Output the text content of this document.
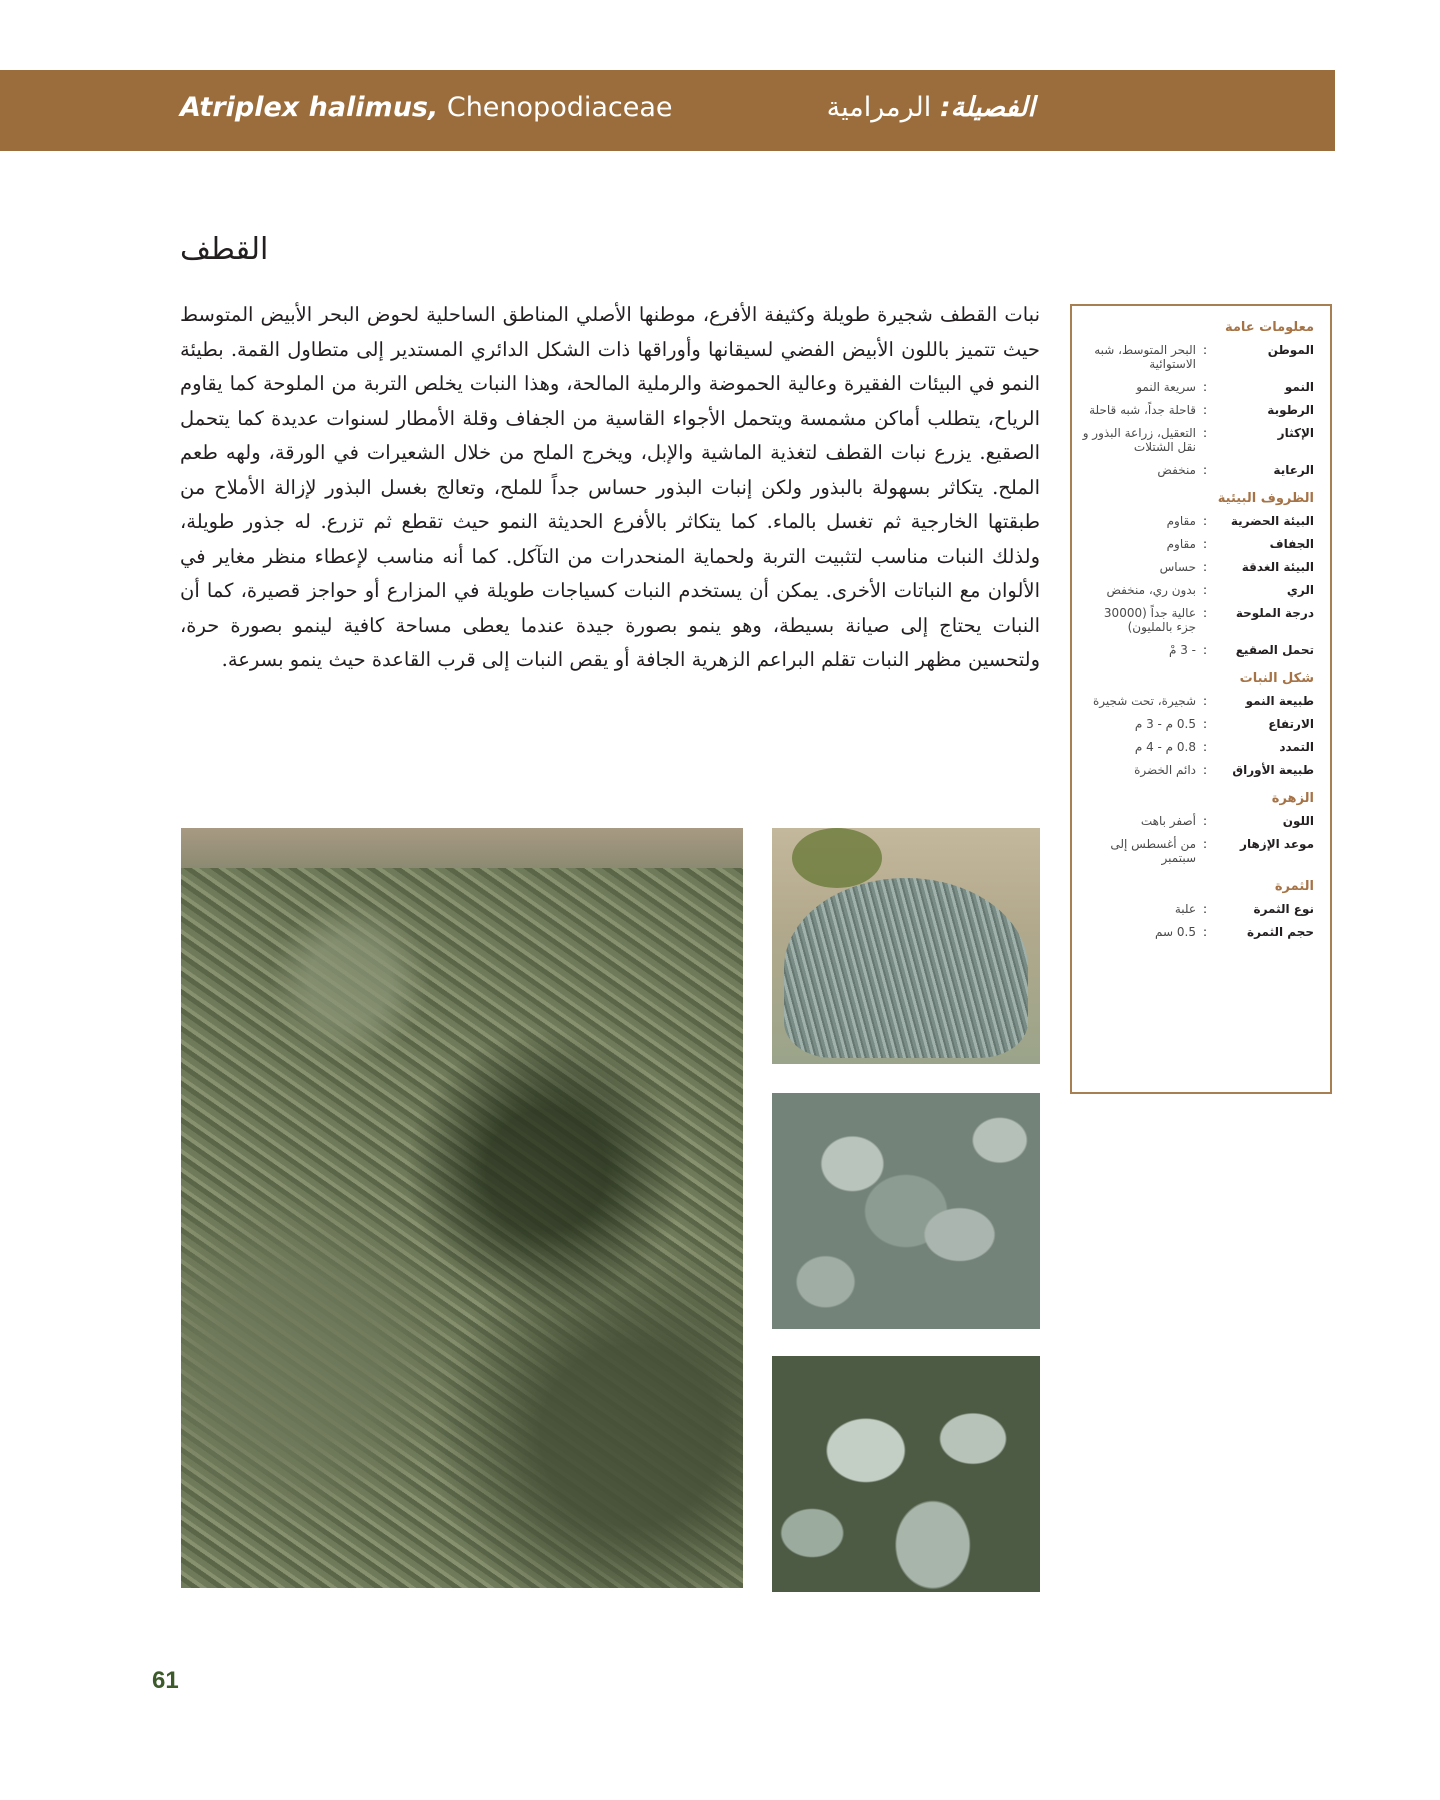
Atriplex halimus, Chenopodiaceae	الفصيلة: الرمرامية
القطف
نبات القطف شجيرة طويلة وكثيفة الأفرع، موطنها الأصلي المناطق الساحلية لحوض البحر الأبيض المتوسط حيث تتميز باللون الأبيض الفضي لسيقانها وأوراقها ذات الشكل الدائري المستدير إلى متطاول القمة. بطيئة النمو في البيئات الفقيرة وعالية الحموضة والرملية المالحة، وهذا النبات يخلص التربة من الملوحة كما يقاوم الرياح، يتطلب أماكن مشمسة ويتحمل الأجواء القاسية من الجفاف وقلة الأمطار لسنوات عديدة كما يتحمل الصقيع. يزرع نبات القطف لتغذية الماشية والإبل، ويخرج الملح من خلال الشعيرات في الورقة، ولهه طعم الملح. يتكاثر بسهولة بالبذور ولكن إنبات البذور حساس جداً للملح، وتعالج بغسل البذور لإزالة الأملاح من طبقتها الخارجية ثم تغسل بالماء. كما يتكاثر بالأفرع الحديثة النمو حيث تقطع ثم تزرع. له جذور طويلة، ولذلك النبات مناسب لتثبيت التربة ولحماية المنحدرات من التآكل. كما أنه مناسب لإعطاء منظر مغاير في الألوان مع النباتات الأخرى. يمكن أن يستخدم النبات كسياجات طويلة في المزارع أو حواجز قصيرة، كما أن النبات يحتاج إلى صيانة بسيطة، وهو ينمو بصورة جيدة عندما يعطى مساحة كافية لينمو بصورة حرة، ولتحسين مظهر النبات تقلم البراعم الزهرية الجافة أو يقص النبات إلى قرب القاعدة حيث ينمو بسرعة.
معلومات عامة
الموطن
:
البحر المتوسط، شبه الاستوائية
النمو
:
سريعة النمو
الرطوبة
:
قاحلة جداً، شبه قاحلة
الإكثار
:
التعقيل، زراعة البذور و نقل الشتلات
الرعاية
:
منخفض
الظروف البيئية
البيئة الحضرية
:
مقاوم
الجفاف
:
مقاوم
البيئة الغدقة
:
حساس
الري
:
بدون ري، منخفض
درجة الملوحة
:
عالية جداً (30000 جزء بالمليون)
تحمل الصقيع
:
- 3 مْ
شكل النبات
طبيعة النمو
:
شجيرة، تحت شجيرة
الارتفاع
:
0.5 م - 3 م
التمدد
:
0.8 م - 4 م
طبيعة الأوراق
:
دائم الخضرة
الزهرة
اللون
:
أصفر باهت
موعد الإزهار
:
من أغسطس إلى سبتمبر
الثمرة
نوع الثمرة
:
علبة
حجم الثمرة
:
0.5 سم
61
